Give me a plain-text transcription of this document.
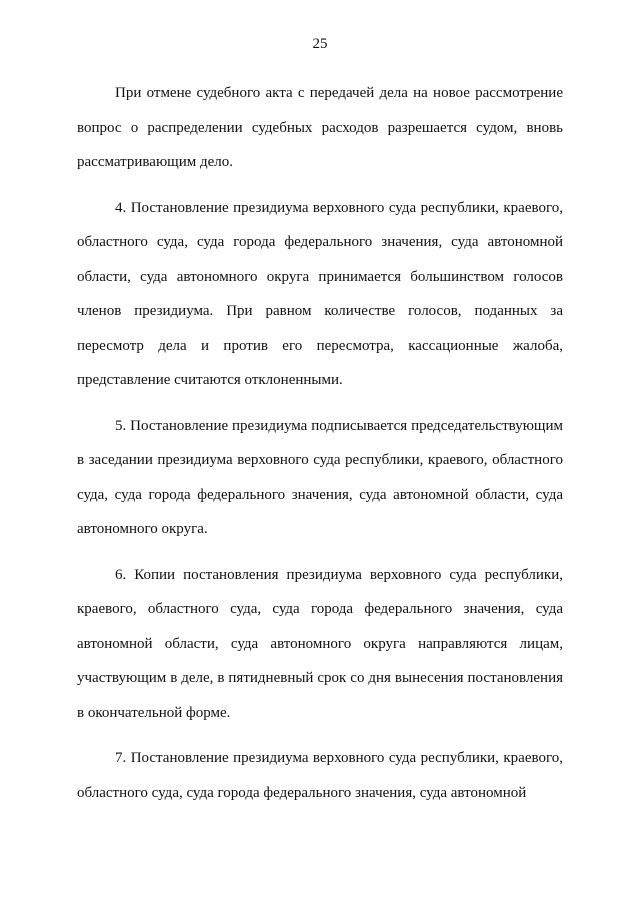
25

При отмене судебного акта с передачей дела на новое рассмотрение вопрос о распределении судебных расходов разрешается судом, вновь рассматривающим дело.

4. Постановление президиума верховного суда республики, краевого, областного суда, суда города федерального значения, суда автономной области, суда автономного округа принимается большинством голосов членов президиума. При равном количестве голосов, поданных за пересмотр дела и против его пересмотра, кассационные жалоба, представление считаются отклоненными.

5. Постановление президиума подписывается председательствующим в заседании президиума верховного суда республики, краевого, областного суда, суда города федерального значения, суда автономной области, суда автономного округа.

6. Копии постановления президиума верховного суда республики, краевого, областного суда, суда города федерального значения, суда автономной области, суда автономного округа направляются лицам, участвующим в деле, в пятидневный срок со дня вынесения постановления в окончательной форме.

7. Постановление президиума верховного суда республики, краевого, областного суда, суда города федерального значения, суда автономной
